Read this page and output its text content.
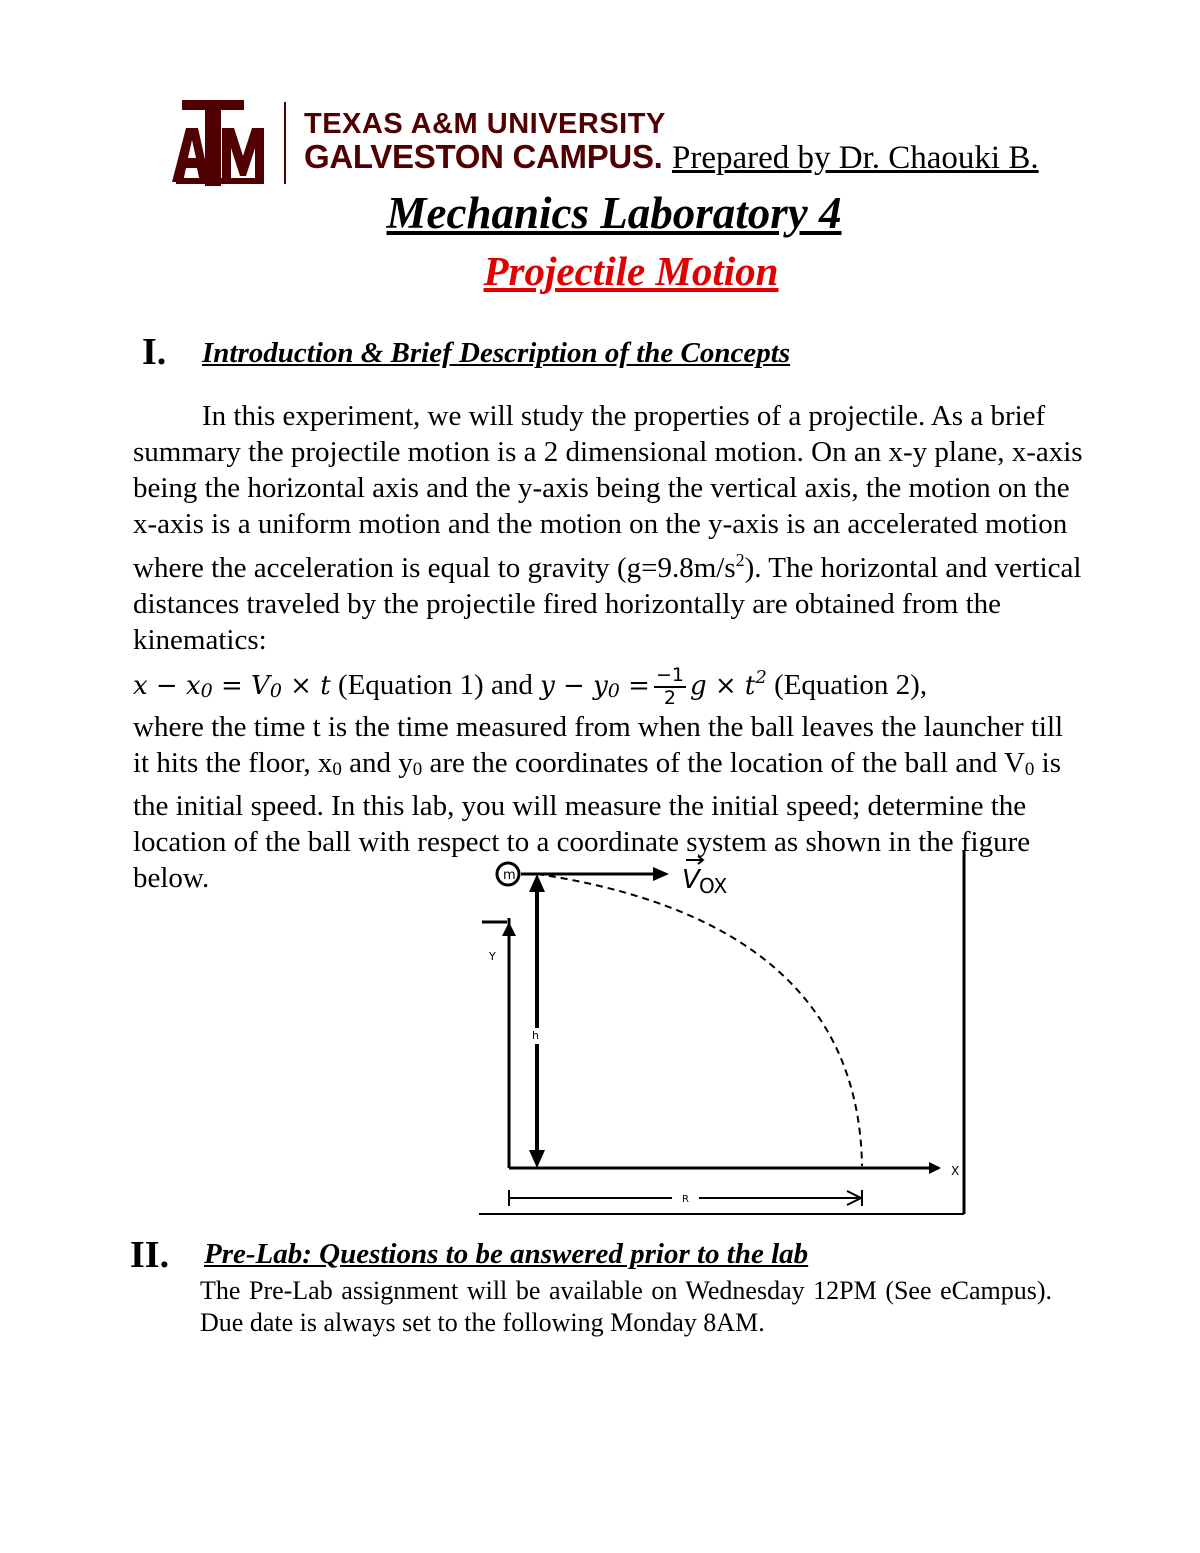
ATM
TEXAS A&M UNIVERSITY
GALVESTON CAMPUS. Prepared by Dr. Chaouki B.
Mechanics Laboratory 4
Projectile Motion
I. Introduction & Brief Description of the Concepts

In this experiment, we will study the properties of a projectile. As a brief summary the projectile motion is a 2 dimensional motion. On an x-y plane, x-axis being the horizontal axis and the y-axis being the vertical axis, the motion on the x-axis is a uniform motion and the motion on the y-axis is an accelerated motion where the acceleration is equal to gravity $(g=9.8m/s^2)$. The horizontal and vertical distances traveled by the projectile fired horizontally are obtained from the kinematics:

x − x0 = V0 × t (Equation 1) and $y - y0 = \frac{-1}{2}$ $g \times t^2$ (Equation 2),

where the time t is the time measured from when the ball leaves the launcher till it hits the floor, x0 and y0 are the coordinates of the location of the ball and V0 is the initial speed. In this lab, you will measure the initial speed; determine the location of the ball with respect to a coordinate system as shown in the figure below.

Y
X
h
m	V OX
R
II. Pre-Lab: Questions to be answered prior to the lab

The Pre-Lab assignment will be available on Wednesday 12PM (See eCampus). Due date is always set to the following Monday 8AM.
